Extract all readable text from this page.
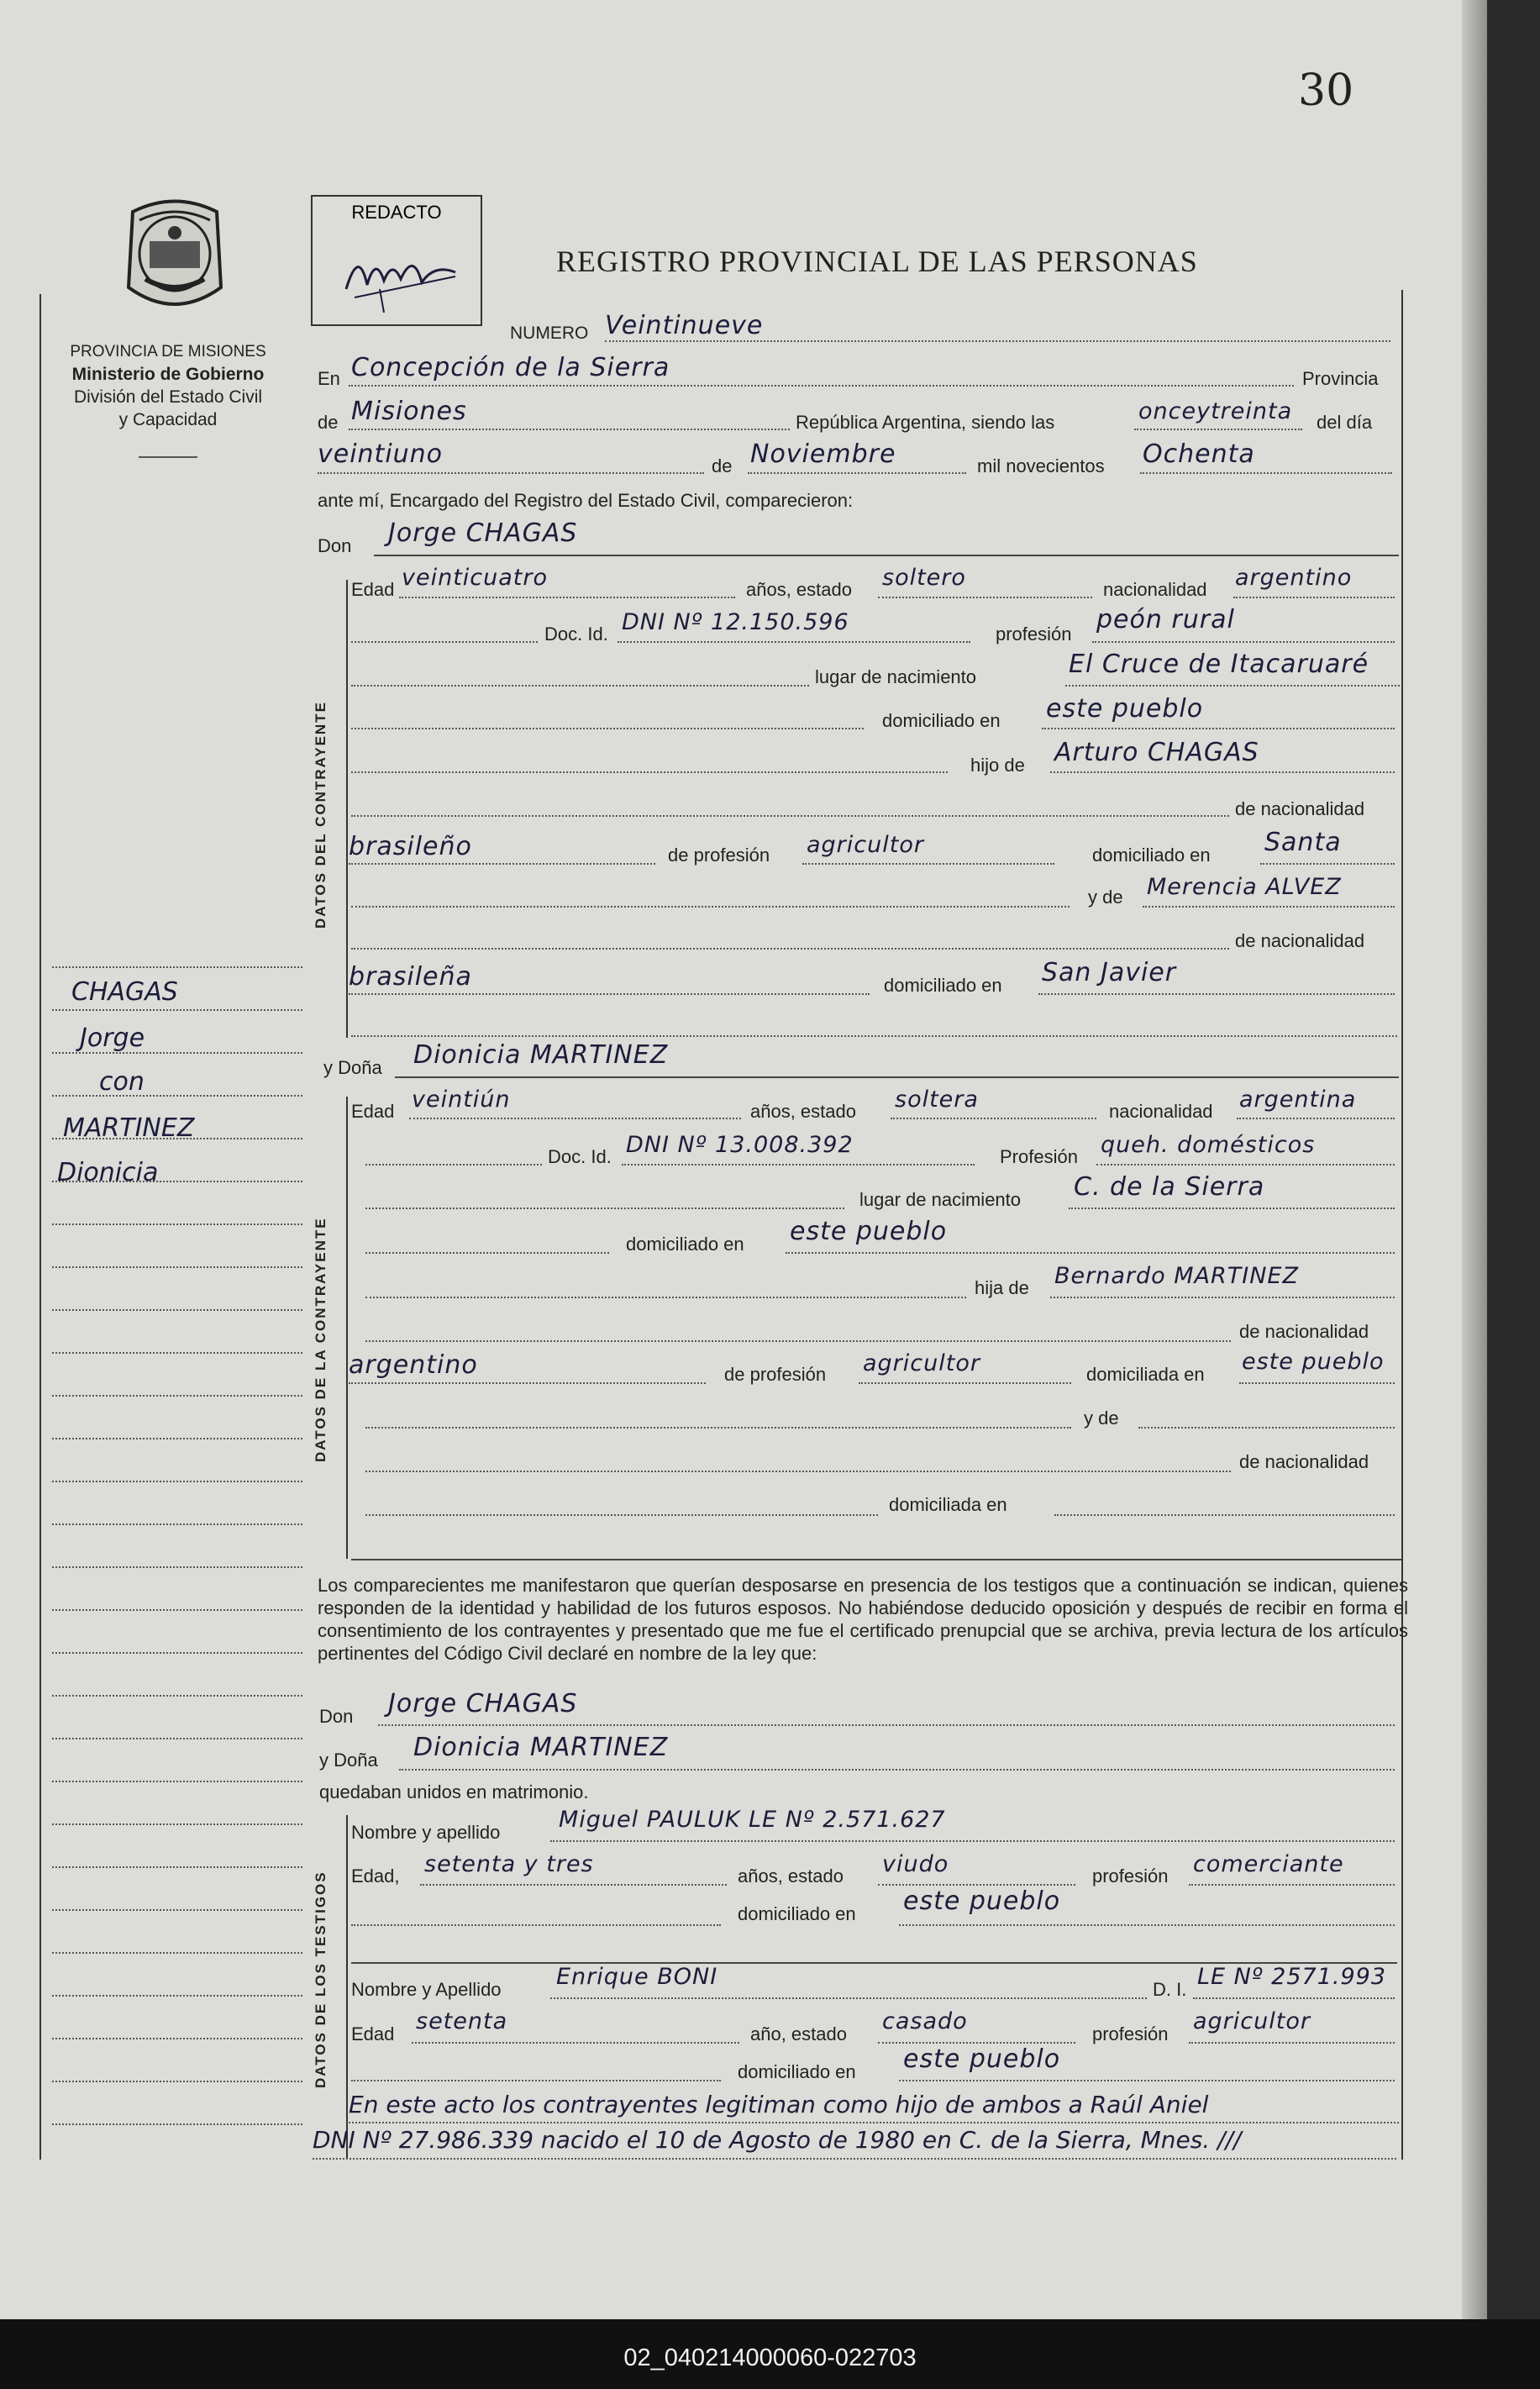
30
PROVINCIA DE MISIONES
Ministerio de Gobierno
División del Estado Civil
y Capacidad
REDACTO
REGISTRO PROVINCIAL DE LAS PERSONAS
NUMERO Veintinueve
En Concepción de la Sierra	Provincia
de Misiones	República Argentina, siendo las	onceytreinta del día
veintiuno	de Noviembre	mil novecientos Ochenta
ante mí, Encargado del Registro del Estado Civil, comparecieron:
Don Jorge CHAGAS
DATOS DEL CONTRAYENTE
Edad veinticuatro	años, estado soltero	nacionalidad argentino
Doc. Id. DNI Nº 12.150.596	profesión peón rural
lugar de nacimiento	El Cruce de Itacaruaré
domiciliado en este pueblo
hijo de Arturo CHAGAS
de nacionalidad
brasileño	de profesión agricultor	domiciliado en Santa
y de Merencia ALVEZ
de nacionalidad
brasileña	domiciliado en San Javier
y Doña Dionicia MARTINEZ
DATOS DE LA CONTRAYENTE
Edad veintiún	años, estado soltera	nacionalidad argentina
Doc. Id. DNI Nº 13.008.392	Profesión queh. domésticos
lugar de nacimiento C. de la Sierra
domiciliado en este pueblo
hija de Bernardo MARTINEZ
de nacionalidad
argentino	de profesión agricultor	domiciliada en este pueblo
y de
de nacionalidad
domiciliada en
CHAGAS
Jorge
con
MARTINEZ
Dionicia
Los comparecientes me manifestaron que querían desposarse en presencia de los testigos que a continuación se indican, quienes responden de la identidad y habilidad de los futuros esposos. No habiéndose deducido oposición y después de recibir en forma el consentimiento de los contrayentes y presentado que me fue el certificado prenupcial que se archiva, previa lectura de los artículos pertinentes del Código Civil declaré en nombre de la ley que:
Don Jorge CHAGAS
y Doña Dionicia MARTINEZ
quedaban unidos en matrimonio.
DATOS DE LOS TESTIGOS
Nombre y apellido	Miguel PAULUK LE Nº 2.571.627
Edad, setenta y tres	años, estado viudo	profesión comerciante
domiciliado en este pueblo
Nombre y Apellido Enrique BONI	D. I. LE Nº 2571.993
Edad setenta	año, estado casado	profesión agricultor
domiciliado en este pueblo
En este acto los contrayentes legitiman como hijo de ambos a Raúl Aniel
DNI Nº 27.986.339 nacido el 10 de Agosto de 1980 en C. de la Sierra, Mnes. ///
02_040214000060-022703
